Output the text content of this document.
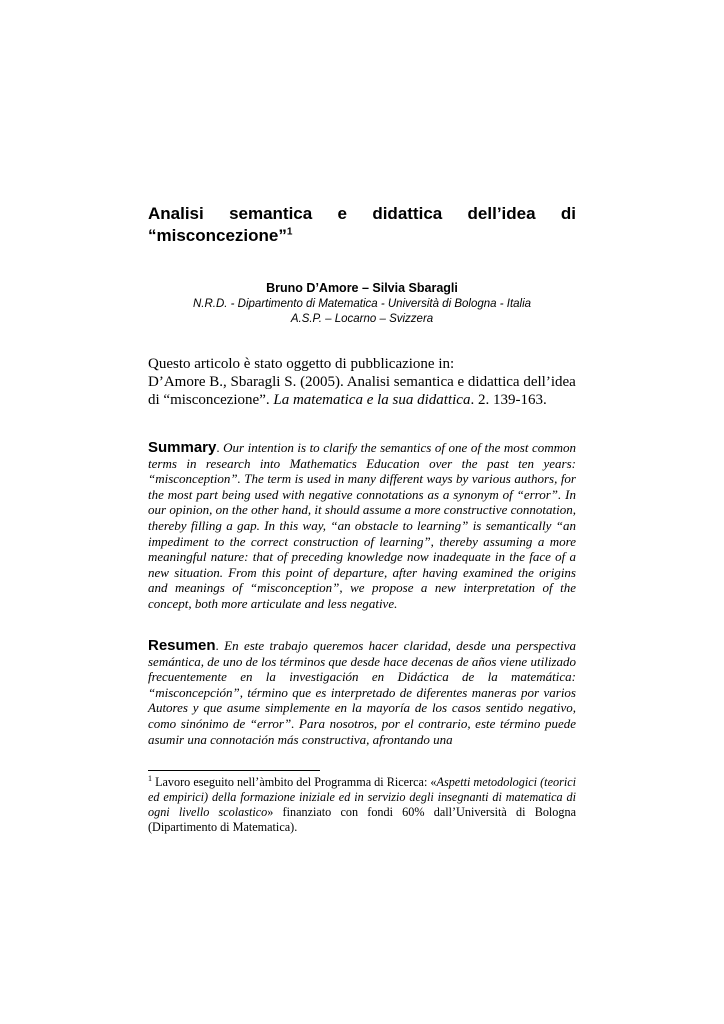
Analisi semantica e didattica dell’idea di
“misconcezione”$^1$
Bruno D’Amore – Silvia Sbaragli
N.R.D. - Dipartimento di Matematica - Università di Bologna - Italia
A.S.P. – Locarno – Svizzera
Questo articolo è stato oggetto di pubblicazione in:
D’Amore B., Sbaragli S. (2005). Analisi semantica e didattica dell’idea di “misconcezione”. La matematica e la sua didattica. 2. 139-163.
Summary. Our intention is to clarify the semantics of one of the most common terms in research into Mathematics Education over the past ten years: “misconception”. The term is used in many different ways by various authors, for the most part being used with negative connotations as a synonym of “error”. In our opinion, on the other hand, it should assume a more constructive connotation, thereby filling a gap. In this way, “an obstacle to learning” is semantically “an impediment to the correct construction of learning”, thereby assuming a more meaningful nature: that of preceding knowledge now inadequate in the face of a new situation. From this point of departure, after having examined the origins and meanings of “misconception”, we propose a new interpretation of the concept, both more articulate and less negative.
Resumen. En este trabajo queremos hacer claridad, desde una perspectiva semántica, de uno de los términos que desde hace decenas de años viene utilizado frecuentemente en la investigación en Didáctica de la matemática: “misconcepción”, término que es interpretado de diferentes maneras por varios Autores y que asume simplemente en la mayoría de los casos sentido negativo, como sinónimo de “error”. Para nosotros, por el contrario, este término puede asumir una connotación más constructiva, afrontando una
$^1$ Lavoro eseguito nell’àmbito del Programma di Ricerca: «Aspetti metodologici (teorici ed empirici) della formazione iniziale ed in servizio degli insegnanti di matematica di ogni livello scolastico» finanziato con fondi 60% dall’Università di Bologna (Dipartimento di Matematica).
